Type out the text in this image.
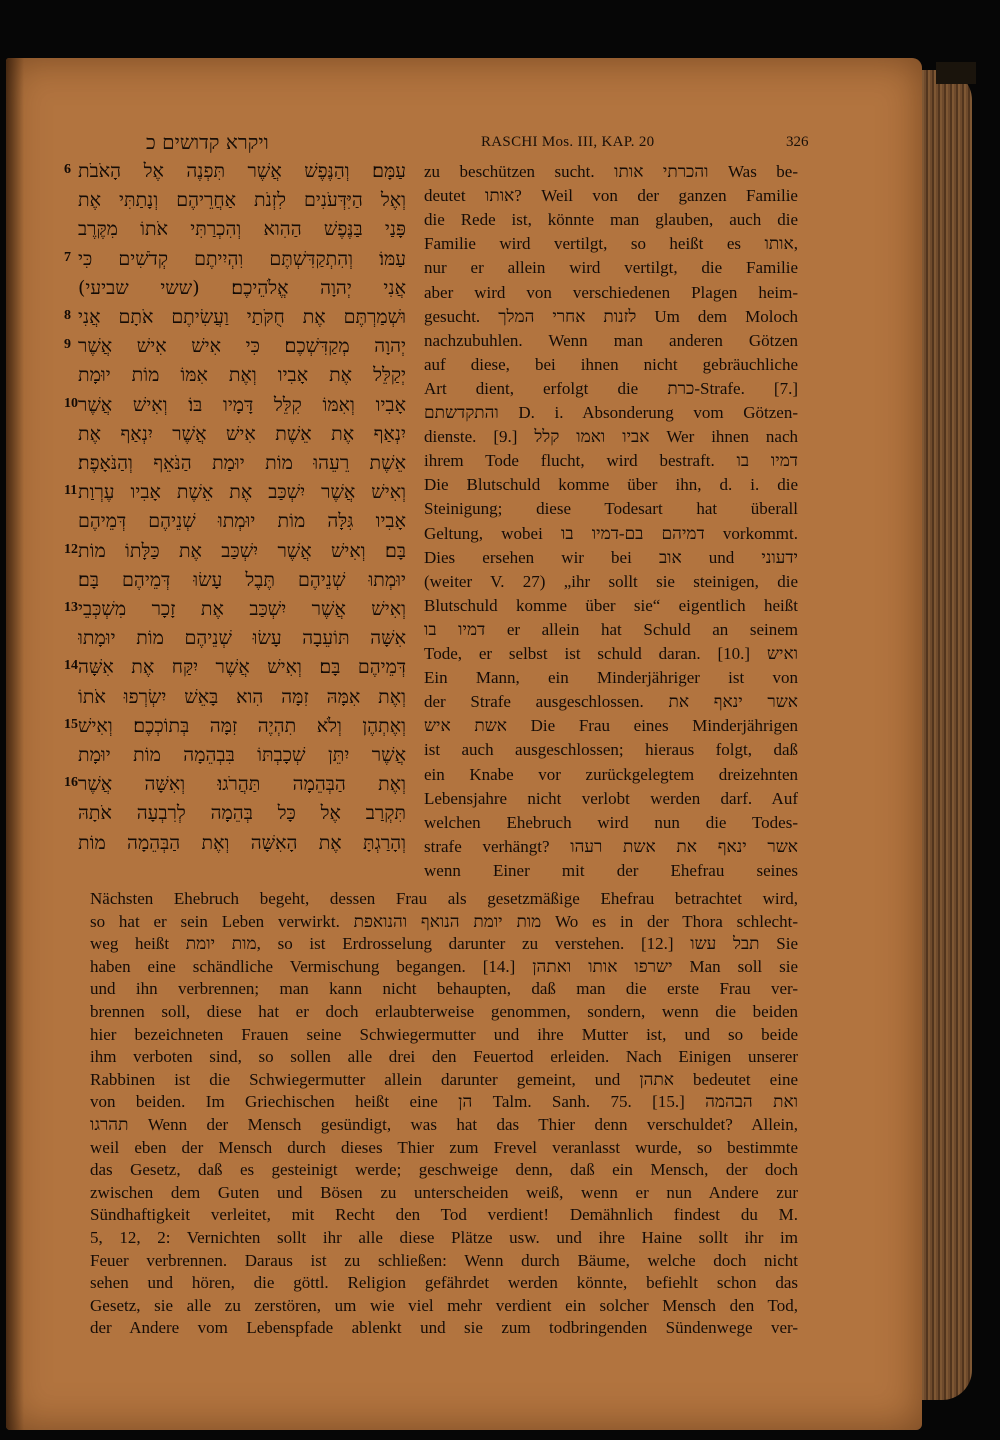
ויקרא קדושים כ	RASCHI Mos. III, KAP. 20	326
6 עַמָּם׃ וְהַנֶּפֶשׁ אֲשֶׁר תִּפְנֶה אֶל הָאֹבֹת
וְאֶל הַיִּדְּעֹנִים לִזְנֹת אַחֲרֵיהֶם וְנָתַתִּי אֶת
פָּנַי בַּנֶּפֶשׁ הַהִוא וְהִכְרַתִּי אֹתוֹ מִקֶּרֶב
7 עַמּוֹ׃ וְהִתְקַדִּשְׁתֶּם וִהְיִיתֶם קְדֹשִׁים כִּי
אֲנִי יְהוָה אֱלֹהֵיכֶם׃ (ששי שביעי)
8 וּשְׁמַרְתֶּם אֶת חֻקֹּתַי וַעֲשִׂיתֶם אֹתָם אֲנִי
9 יְהוָה מְקַדִּשְׁכֶם׃ כִּי אִישׁ אִישׁ אֲשֶׁר
יְקַלֵּל אֶת אָבִיו וְאֶת אִמּוֹ מוֹת יוּמָת
10 אָבִיו וְאִמּוֹ קִלֵּל דָּמָיו בּוֹ׃ וְאִישׁ אֲשֶׁר
יִנְאַף אֶת אֵשֶׁת אִישׁ אֲשֶׁר יִנְאַף אֶת
אֵשֶׁת רֵעֵהוּ מוֹת יוּמַת הַנֹּאֵף וְהַנֹּאָפֶת׃
11 וְאִישׁ אֲשֶׁר יִשְׁכַּב אֶת אֵשֶׁת אָבִיו עֶרְוַת
אָבִיו גִּלָּה מוֹת יוּמְתוּ שְׁנֵיהֶם דְּמֵיהֶם
12 בָּם׃ וְאִישׁ אֲשֶׁר יִשְׁכַּב אֶת כַּלָּתוֹ מוֹת
יוּמְתוּ שְׁנֵיהֶם תֶּבֶל עָשׂוּ דְּמֵיהֶם בָּם׃
13 וְאִישׁ אֲשֶׁר יִשְׁכַּב אֶת זָכָר מִשְׁכְּבֵי
אִשָּׁה תּוֹעֵבָה עָשׂוּ שְׁנֵיהֶם מוֹת יוּמָתוּ
14 דְּמֵיהֶם בָּם׃ וְאִישׁ אֲשֶׁר יִקַּח אֶת אִשָּׁה
וְאֶת אִמָּהּ זִמָּה הִוא בָּאֵשׁ יִשְׂרְפוּ אֹתוֹ
15 וְאֶתְהֶן וְלֹא תִהְיֶה זִמָּה בְּתוֹכְכֶם׃ וְאִישׁ
אֲשֶׁר יִתֵּן שְׁכָבְתּוֹ בִּבְהֵמָה מוֹת יוּמָת
16 וְאֶת הַבְּהֵמָה תַּהֲרֹגוּ׃ וְאִשָּׁה אֲשֶׁר
תִּקְרַב אֶל כָּל בְּהֵמָה לְרִבְעָה אֹתָהּ
וְהָרַגְתָּ אֶת הָאִשָּׁה וְאֶת הַבְּהֵמָה מוֹת
zu beschützen sucht. והכרתי אותו Was be-
deutet אותו? Weil von der ganzen Familie
die Rede ist, könnte man glauben, auch die
Familie wird vertilgt, so heißt es אותו,
nur er allein wird vertilgt, die Familie
aber wird von verschiedenen Plagen heim-
gesucht. לזנות אחרי המלך Um dem Moloch
nachzubuhlen. Wenn man anderen Götzen
auf diese, bei ihnen nicht gebräuchliche
Art dient, erfolgt die כרת-Strafe. [7.]
והתקדשתם D. i. Absonderung vom Götzen-
dienste. [9.] אביו ואמו קלל Wer ihnen nach
ihrem Tode flucht, wird bestraft. דמיו בו
Die Blutschuld komme über ihn, d. i. die
Steinigung; diese Todesart hat überall
Geltung, wobei דמיהם בם-דמיו בו vorkommt.
Dies ersehen wir bei אוב und ידעוני
(weiter V. 27) „ihr sollt sie steinigen, die
Blutschuld komme über sie“ eigentlich heißt
דמיו בו er allein hat Schuld an seinem
Tode, er selbst ist schuld daran. [10.] ואיש
Ein Mann, ein Minderjähriger ist von
der Strafe ausgeschlossen. אשר ינאף את
אשת איש Die Frau eines Minderjährigen
ist auch ausgeschlossen; hieraus folgt, daß
ein Knabe vor zurückgelegtem dreizehnten
Lebensjahre nicht verlobt werden darf. Auf
welchen Ehebruch wird nun die Todes-
strafe verhängt? אשר ינאף את אשת רעהו
wenn Einer mit der Ehefrau seines
Nächsten Ehebruch begeht, dessen Frau als gesetzmäßige Ehefrau betrachtet wird,
so hat er sein Leben verwirkt. מות יומת הנואף והנואפת Wo es in der Thora schlecht-
weg heißt מות יומת, so ist Erdrosselung darunter zu verstehen. [12.] תבל עשו Sie
haben eine schändliche Vermischung begangen. [14.] ישרפו אותו ואתהן Man soll sie
und ihn verbrennen; man kann nicht behaupten, daß man die erste Frau ver-
brennen soll, diese hat er doch erlaubterweise genommen, sondern, wenn die beiden
hier bezeichneten Frauen seine Schwiegermutter und ihre Mutter ist, und so beide
ihm verboten sind, so sollen alle drei den Feuertod erleiden. Nach Einigen unserer
Rabbinen ist die Schwiegermutter allein darunter gemeint, und אתהן bedeutet eine
von beiden. Im Griechischen heißt eine הן Talm. Sanh. 75. [15.] ואת הבהמה
תהרגו Wenn der Mensch gesündigt, was hat das Thier denn verschuldet? Allein,
weil eben der Mensch durch dieses Thier zum Frevel veranlasst wurde, so bestimmte
das Gesetz, daß es gesteinigt werde; geschweige denn, daß ein Mensch, der doch
zwischen dem Guten und Bösen zu unterscheiden weiß, wenn er nun Andere zur
Sündhaftigkeit verleitet, mit Recht den Tod verdient! Demähnlich findest du M.
5, 12, 2: Vernichten sollt ihr alle diese Plätze usw. und ihre Haine sollt ihr im
Feuer verbrennen. Daraus ist zu schließen: Wenn durch Bäume, welche doch nicht
sehen und hören, die göttl. Religion gefährdet werden könnte, befiehlt schon das
Gesetz, sie alle zu zerstören, um wie viel mehr verdient ein solcher Mensch den Tod,
der Andere vom Lebenspfade ablenkt und sie zum todbringenden Sündenwege ver-
